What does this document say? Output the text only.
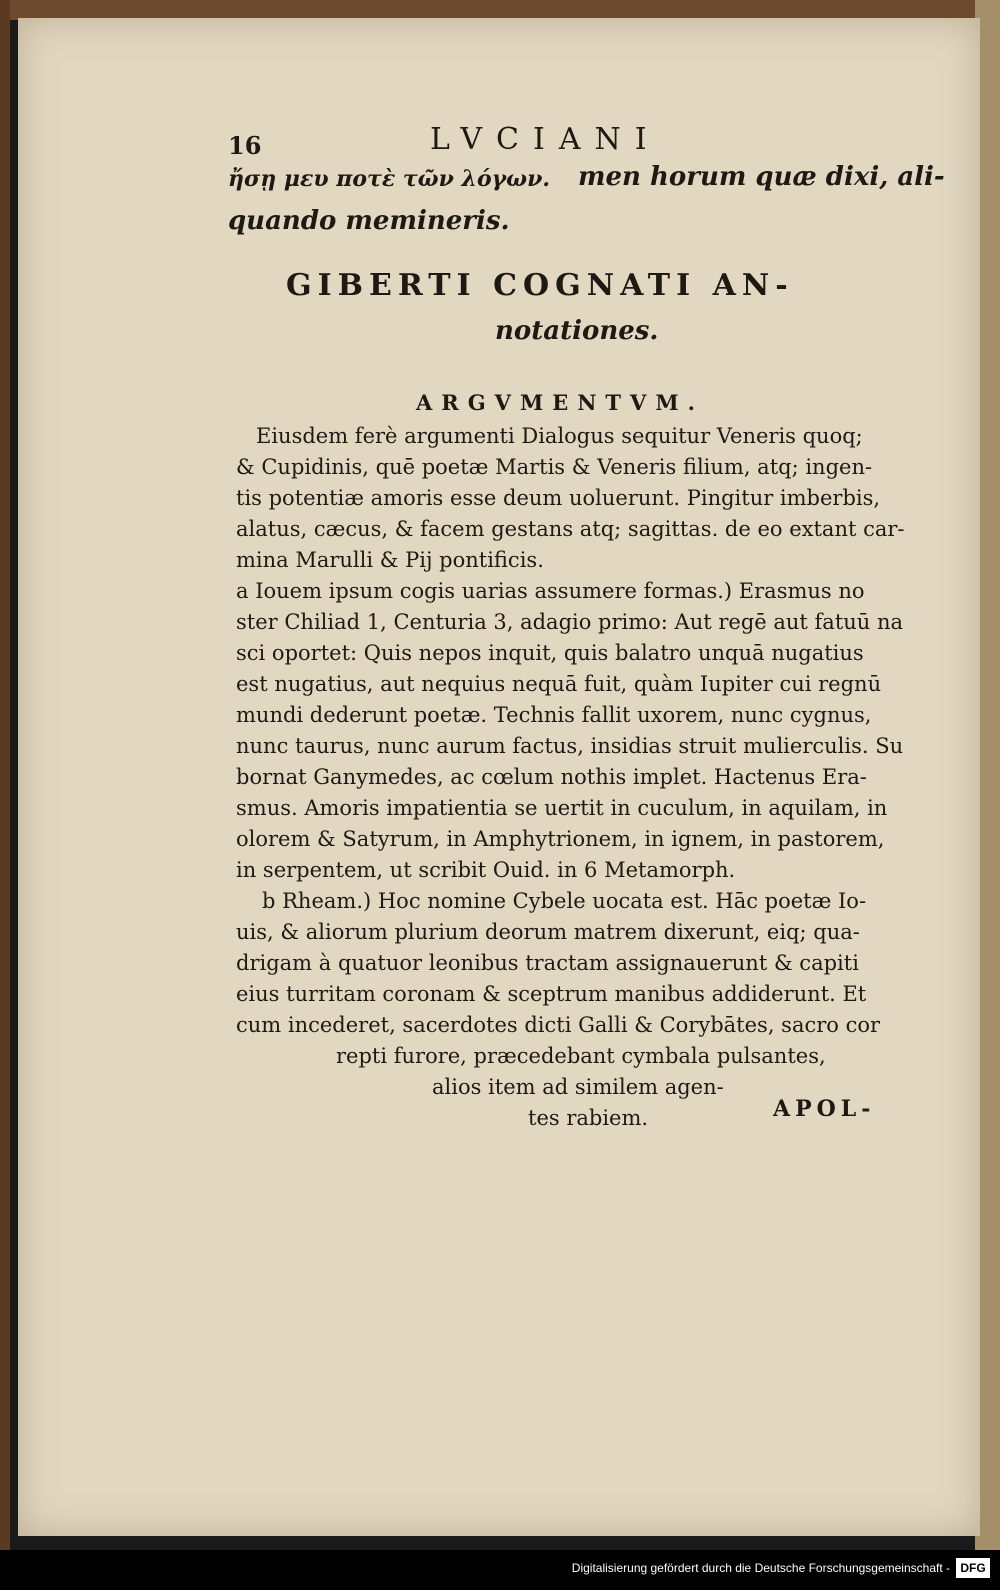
16	LVCIANI
ἤσῃ μευ ποτὲ τῶν λόγων. men horum quæ dixi, ali-
quando memineris.
GIBERTI COGNATI AN-
notationes.
ARGVMENTVM.
Eiusdem ferè argumenti Dialogus sequitur Veneris quoq;
& Cupidinis, quē poetæ Martis & Veneris filium, atq; ingen-
tis potentiæ amoris esse deum uoluerunt. Pingitur imberbis,
alatus, cæcus, & facem gestans atq; sagittas. de eo extant car-
mina Marulli & Pij pontificis.
a Iouem ipsum cogis uarias assumere formas.) Erasmus no
ster Chiliad 1, Centuria 3, adagio primo: Aut regē aut fatuū na
sci oportet: Quis nepos inquit, quis balatro unquā nugatius
est nugatius, aut nequius nequā fuit, quàm Iupiter cui regnū
mundi dederunt poetæ. Technis fallit uxorem, nunc cygnus,
nunc taurus, nunc aurum factus, insidias struit mulierculis. Su
bornat Ganymedes, ac cœlum nothis implet. Hactenus Era-
smus. Amoris impatientia se uertit in cuculum, in aquilam, in
olorem & Satyrum, in Amphytrionem, in ignem, in pastorem,
in serpentem, ut scribit Ouid. in 6 Metamorph.
b Rheam.) Hoc nomine Cybele uocata est. Hāc poetæ Io-
uis, & aliorum plurium deorum matrem dixerunt, eiq; qua-
drigam à quatuor leonibus tractam assignauerunt & capiti
eius turritam coronam & sceptrum manibus addiderunt. Et
cum incederet, sacerdotes dicti Galli & Corybātes, sacro cor
repti furore, præcedebant cymbala pulsantes,
alios item ad similem agen-
tes rabiem.	APOL-
Digitalisierung gefördert durch die Deutsche Forschungsgemeinschaft - DFG
